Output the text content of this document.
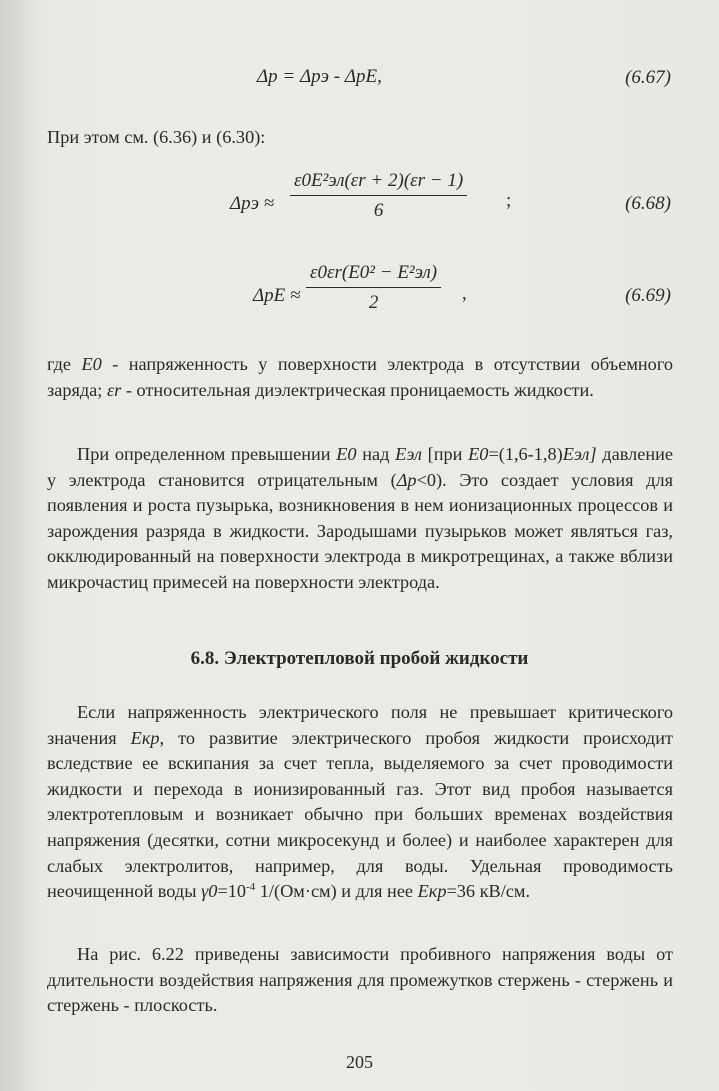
Δp = Δpэ - ΔpE,	(6.67)

При этом см. (6.36) и (6.30):

Δpэ ≈
ε0E²эл(εr + 2)(εr − 1)
6	;	(6.68)
ΔpE ≈
ε0εr(E0² − E²эл)
2	,	(6.69)

где E0 - напряженность у поверхности электрода в отсутствии объемного заряда; εr - относительная диэлектрическая проницаемость жидкости.

При определенном превышении E0 над Eэл [при E0=(1,6-1,8)Eэл] давление у электрода становится отрицательным (Δp<0). Это создает условия для появления и роста пузырька, возникновения в нем ионизационных процессов и зарождения разряда в жидкости. Зародышами пузырьков может являться газ, окклюдированный на поверхности электрода в микротрещинах, а также вблизи микрочастиц примесей на поверхности электрода.

6.8. Электротепловой пробой жидкости

Если напряженность электрического поля не превышает критического значения Eкр, то развитие электрического пробоя жидкости происходит вследствие ее вскипания за счет тепла, выделяемого за счет проводимости жидкости и перехода в ионизированный газ. Этот вид пробоя называется электротепловым и возникает обычно при больших временах воздействия напряжения (десятки, сотни микросекунд и более) и наиболее характерен для слабых электролитов, например, для воды. Удельная проводимость неочищенной воды $\gamma 0=10^{-4}$ 1/(Ом·см) и для нее Eкр=36 кВ/см.

На рис. 6.22 приведены зависимости пробивного напряжения воды от длительности воздействия напряжения для промежутков стержень - стержень и стержень - плоскость.

205
